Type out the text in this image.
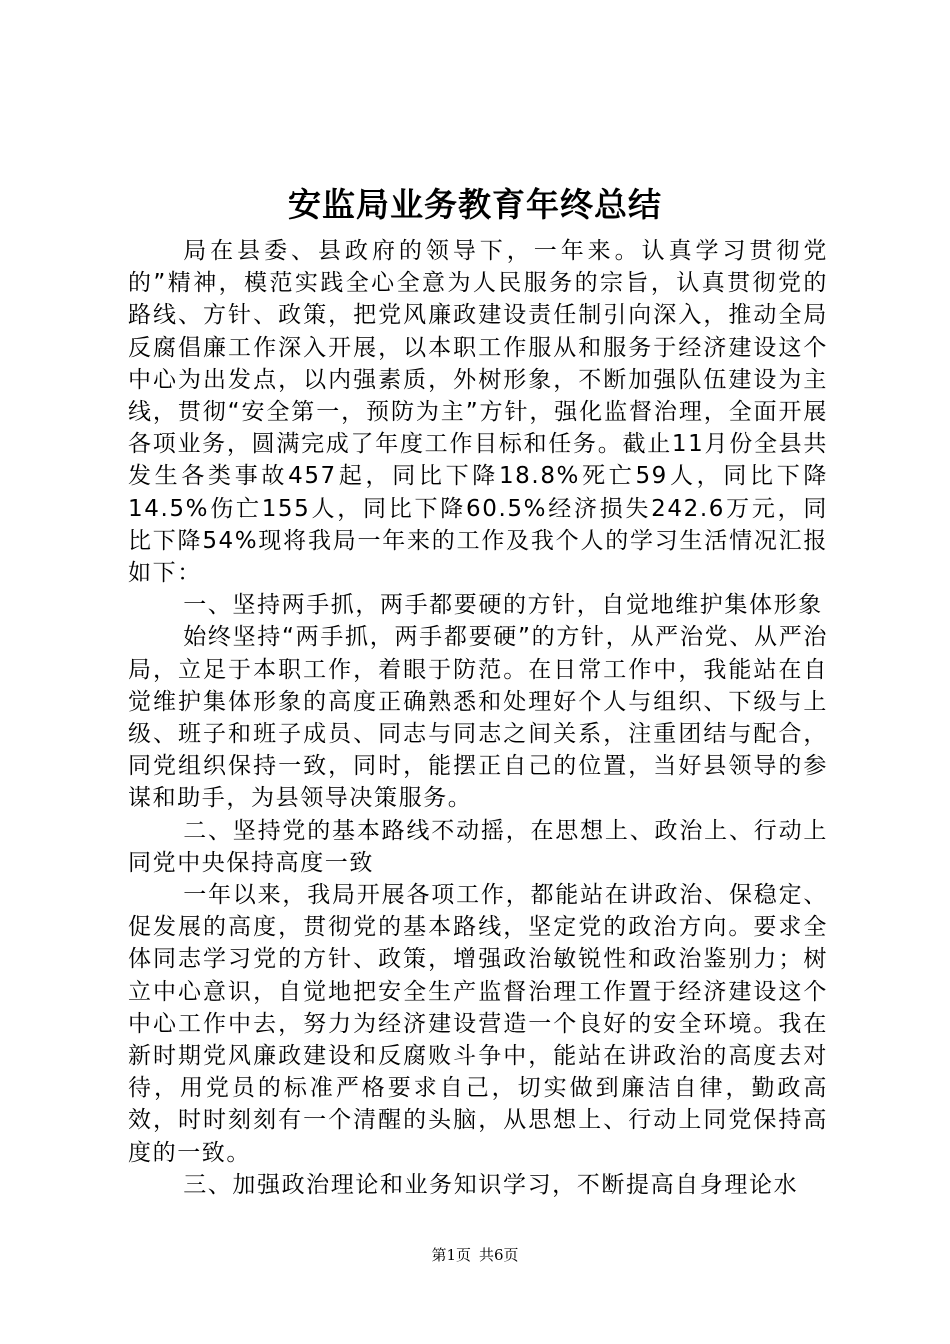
安监局业务教育年终总结

局在县委、县政府的领导下，一年来。认真学习贯彻党的”精神，模范实践全心全意为人民服务的宗旨，认真贯彻党的路线、方针、政策，把党风廉政建设责任制引向深入，推动全局反腐倡廉工作深入开展，以本职工作服从和服务于经济建设这个中心为出发点，以内强素质，外树形象，不断加强队伍建设为主线，贯彻“安全第一，预防为主”方针，强化监督治理，全面开展各项业务，圆满完成了年度工作目标和任务。截止11月份全县共发生各类事故457起，同比下降18.8%死亡59人，同比下降14.5%伤亡155人，同比下降60.5%经济损失242.6万元，同比下降54%现将我局一年来的工作及我个人的学习生活情况汇报如下：

一、坚持两手抓，两手都要硬的方针，自觉地维护集体形象

始终坚持“两手抓，两手都要硬”的方针，从严治党、从严治局，立足于本职工作，着眼于防范。在日常工作中，我能站在自觉维护集体形象的高度正确熟悉和处理好个人与组织、下级与上级、班子和班子成员、同志与同志之间关系，注重团结与配合，同党组织保持一致，同时，能摆正自己的位置，当好县领导的参谋和助手，为县领导决策服务。

二、坚持党的基本路线不动摇，在思想上、政治上、行动上同党中央保持高度一致

一年以来，我局开展各项工作，都能站在讲政治、保稳定、促发展的高度，贯彻党的基本路线，坚定党的政治方向。要求全体同志学习党的方针、政策，增强政治敏锐性和政治鉴别力；树立中心意识，自觉地把安全生产监督治理工作置于经济建设这个中心工作中去，努力为经济建设营造一个良好的安全环境。我在新时期党风廉政建设和反腐败斗争中，能站在讲政治的高度去对待，用党员的标准严格要求自己，切实做到廉洁自律，勤政高效，时时刻刻有一个清醒的头脑，从思想上、行动上同党保持高度的一致。

三、加强政治理论和业务知识学习，不断提高自身理论水

第1页 共6页
